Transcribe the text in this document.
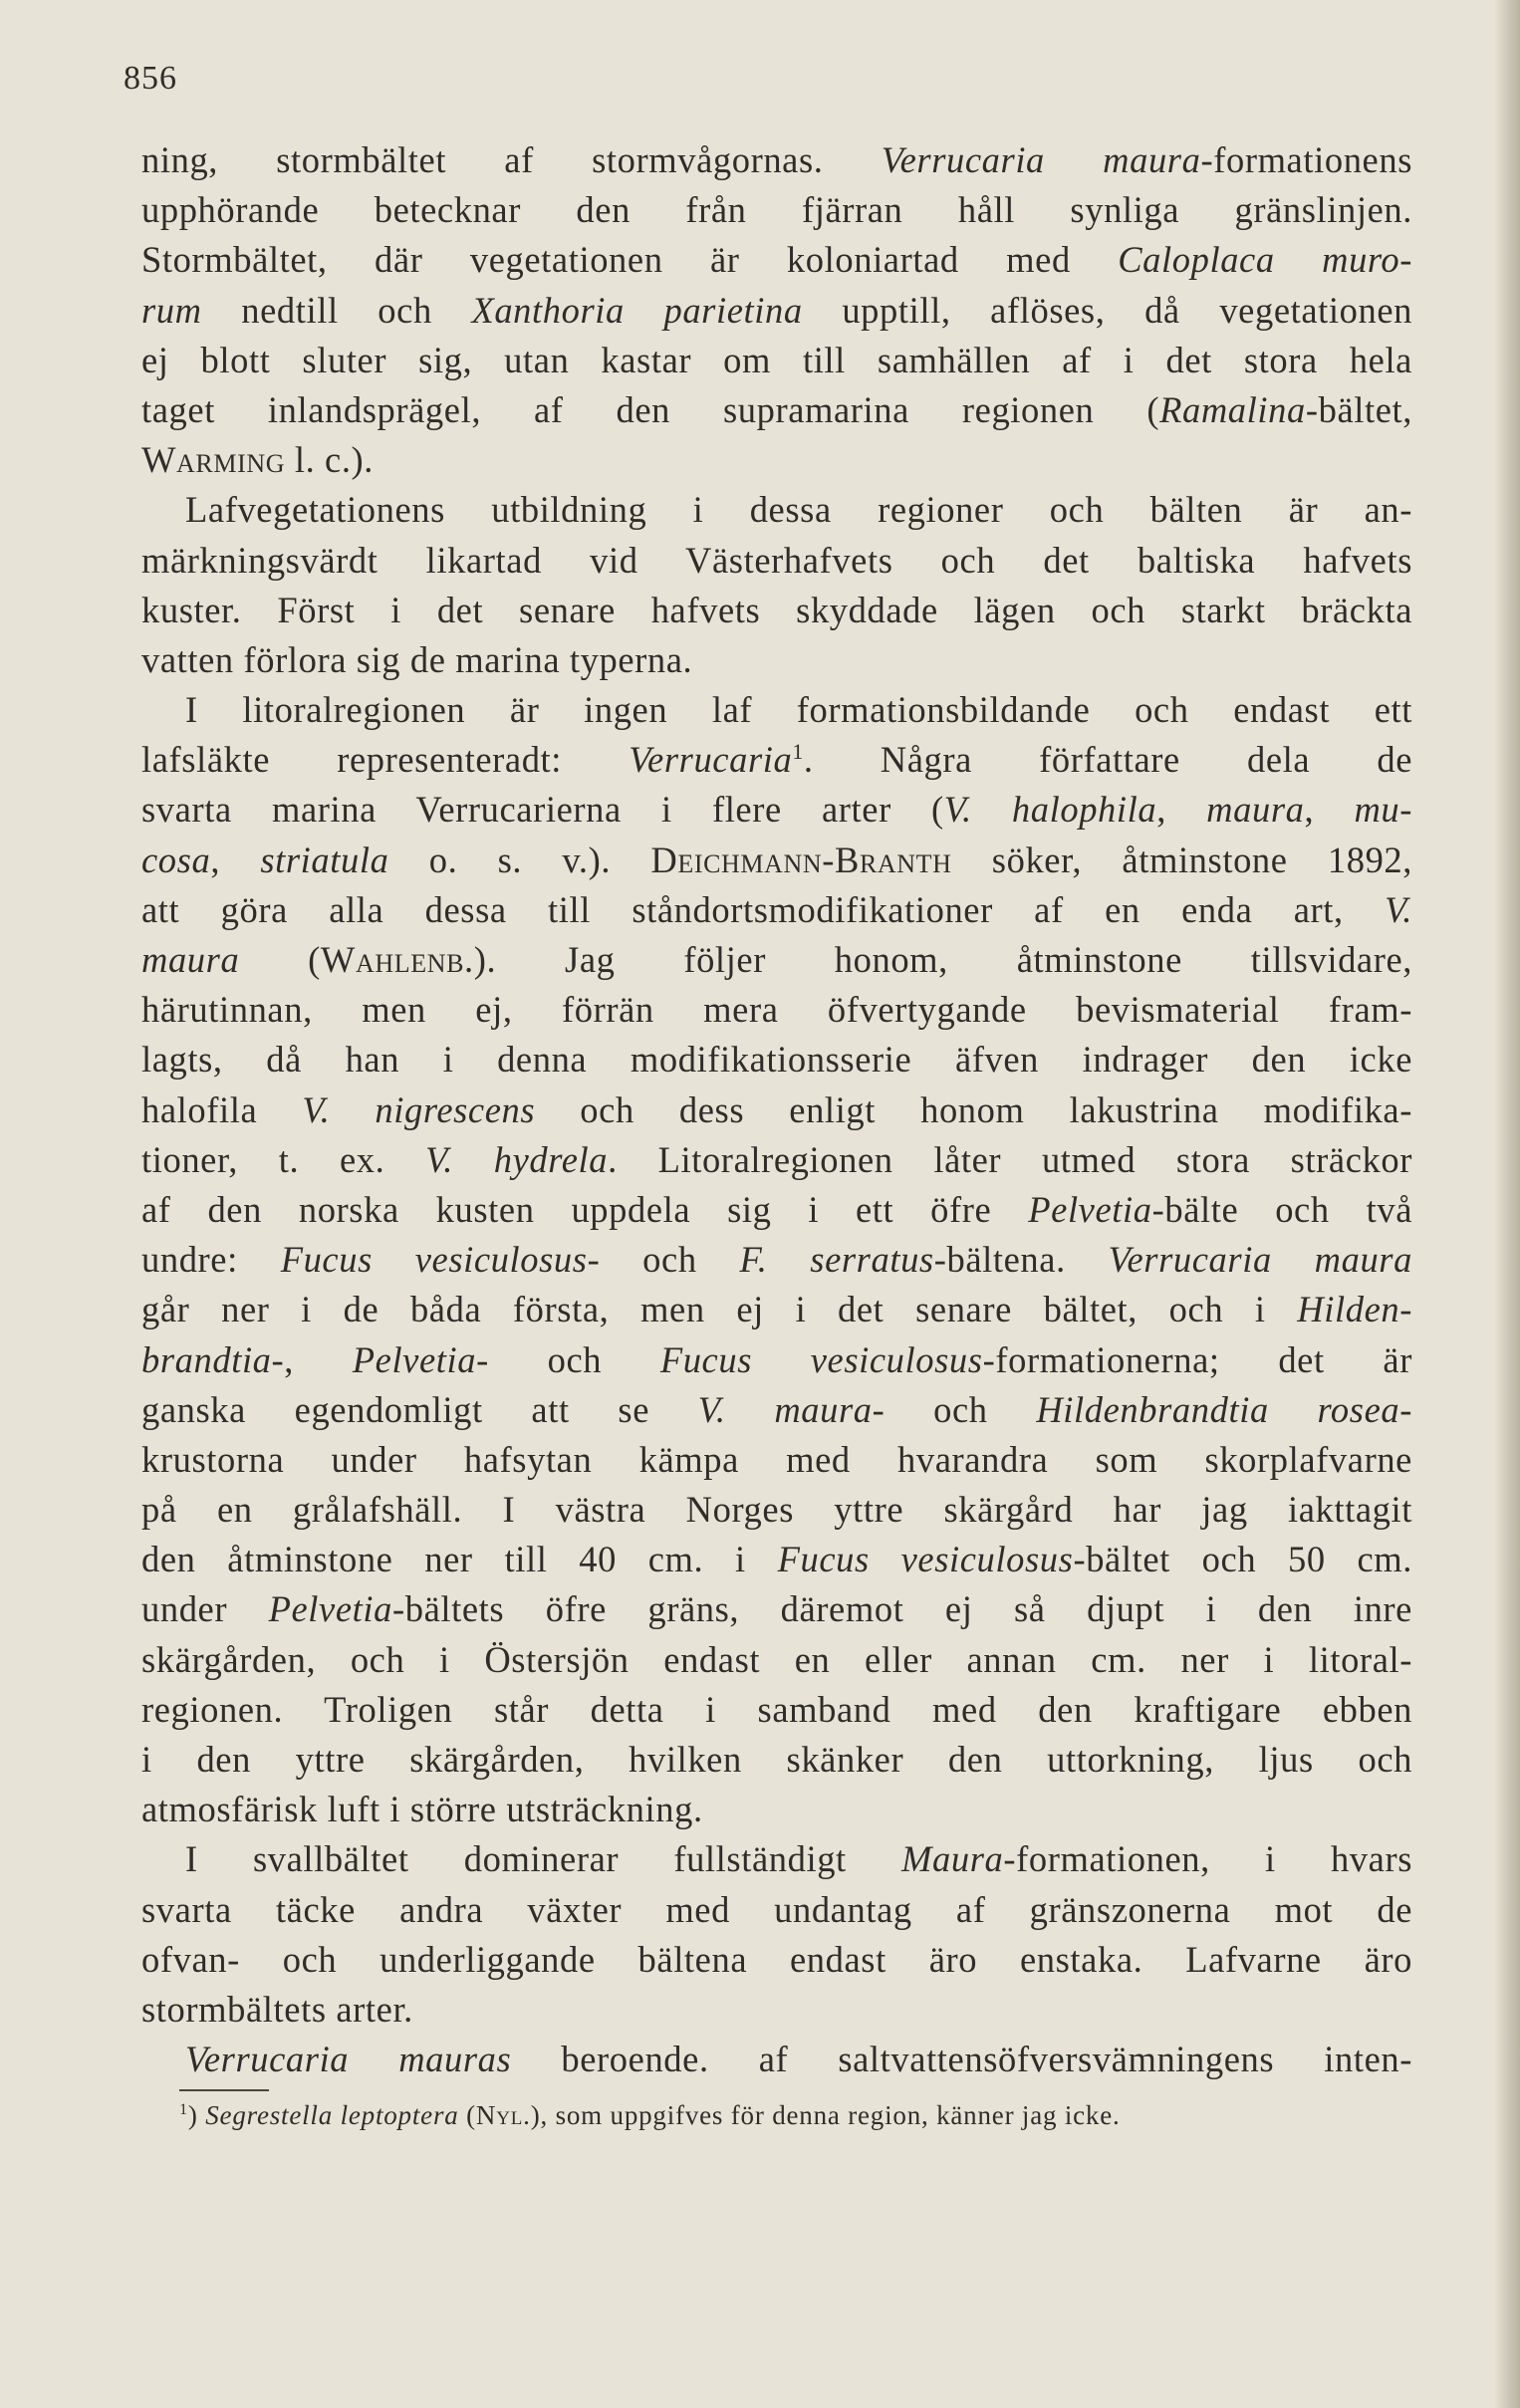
856
ning, stormbältet af stormvågornas. Verrucaria maura-formationens
upphörande betecknar den från fjärran håll synliga gränslinjen.
Stormbältet, där vegetationen är koloniartad med Caloplaca muro-
rum nedtill och Xanthoria parietina upptill, aflöses, då vegetationen
ej blott sluter sig, utan kastar om till samhällen af i det stora hela
taget inlandsprägel, af den supramarina regionen (Ramalina-bältet,
Warming l. c.).
Lafvegetationens utbildning i dessa regioner och bälten är an-
märkningsvärdt likartad vid Västerhafvets och det baltiska hafvets
kuster. Först i det senare hafvets skyddade lägen och starkt bräckta
vatten förlora sig de marina typerna.
I litoralregionen är ingen laf formationsbildande och endast ett
lafsläkte representeradt: Verrucaria$^1$. Några författare dela de
svarta marina Verrucarierna i flere arter (V. halophila, maura, mu-
cosa, striatula o. s. v.). Deichmann-Branth söker, åtminstone 1892,
att göra alla dessa till ståndortsmodifikationer af en enda art, V.
maura (Wahlenb.). Jag följer honom, åtminstone tillsvidare,
härutinnan, men ej, förrän mera öfvertygande bevismaterial fram-
lagts, då han i denna modifikationsserie äfven indrager den icke
halofila V. nigrescens och dess enligt honom lakustrina modifika-
tioner, t. ex. V. hydrela. Litoralregionen låter utmed stora sträckor
af den norska kusten uppdela sig i ett öfre Pelvetia-bälte och två
undre: Fucus vesiculosus- och F. serratus-bältena. Verrucaria maura
går ner i de båda första, men ej i det senare bältet, och i Hilden-
brandtia-, Pelvetia- och Fucus vesiculosus-formationerna; det är
ganska egendomligt att se V. maura- och Hildenbrandtia rosea-
krustorna under hafsytan kämpa med hvarandra som skorplafvarne
på en grålafshäll. I västra Norges yttre skärgård har jag iakttagit
den åtminstone ner till 40 cm. i Fucus vesiculosus-bältet och 50 cm.
under Pelvetia-bältets öfre gräns, däremot ej så djupt i den inre
skärgården, och i Östersjön endast en eller annan cm. ner i litoral-
regionen. Troligen står detta i samband med den kraftigare ebben
i den yttre skärgården, hvilken skänker den uttorkning, ljus och
atmosfärisk luft i större utsträckning.
I svallbältet dominerar fullständigt Maura-formationen, i hvars
svarta täcke andra växter med undantag af gränszonerna mot de
ofvan- och underliggande bältena endast äro enstaka. Lafvarne äro
stormbältets arter.
Verrucaria mauras beroende. af saltvattensöfversvämningens inten-
$^1$) Segrestella leptoptera (Nyl.), som uppgifves för denna region, känner jag icke.
